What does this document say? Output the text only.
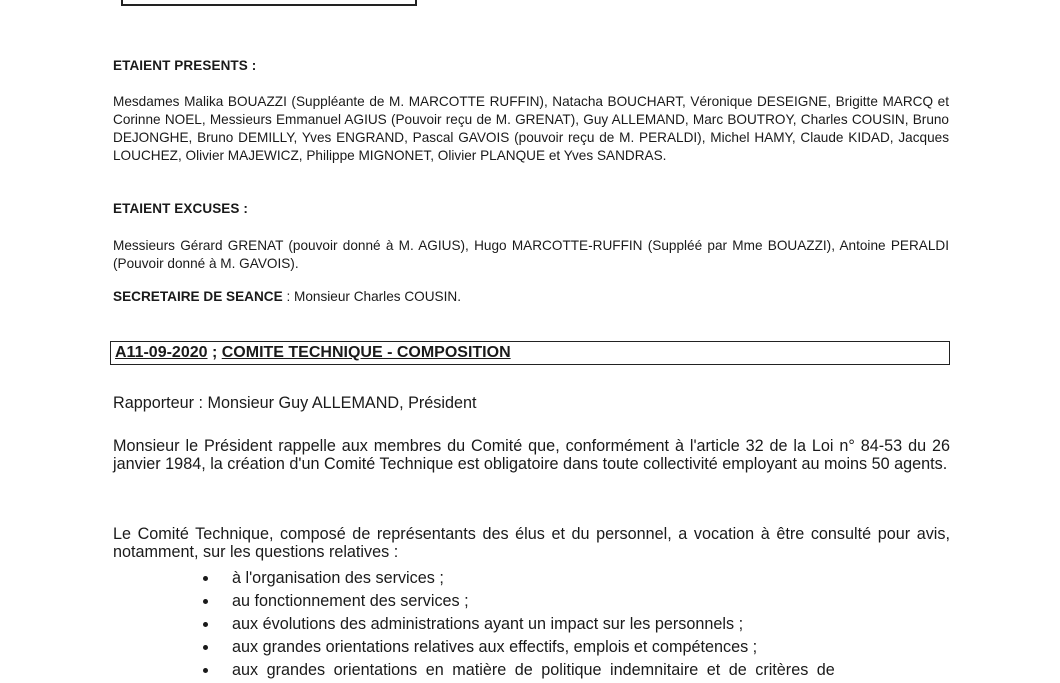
ETAIENT PRESENTS :
Mesdames Malika BOUAZZI (Suppléante de M. MARCOTTE RUFFIN), Natacha BOUCHART, Véronique DESEIGNE, Brigitte MARCQ et Corinne NOEL, Messieurs Emmanuel AGIUS (Pouvoir reçu de M. GRENAT), Guy ALLEMAND, Marc BOUTROY, Charles COUSIN, Bruno DEJONGHE, Bruno DEMILLY, Yves ENGRAND, Pascal GAVOIS (pouvoir reçu de M. PERALDI), Michel HAMY, Claude KIDAD, Jacques LOUCHEZ, Olivier MAJEWICZ, Philippe MIGNONET, Olivier PLANQUE et Yves SANDRAS.
ETAIENT EXCUSES :
Messieurs Gérard GRENAT (pouvoir donné à M. AGIUS), Hugo MARCOTTE-RUFFIN (Suppléé par Mme BOUAZZI), Antoine PERALDI (Pouvoir donné à M. GAVOIS).
SECRETAIRE DE SEANCE : Monsieur Charles COUSIN.
A11-09-2020 ; COMITE TECHNIQUE - COMPOSITION
Rapporteur : Monsieur Guy ALLEMAND, Président
Monsieur le Président rappelle aux membres du Comité que, conformément à l'article 32 de la Loi n° 84-53 du 26 janvier 1984, la création d'un Comité Technique est obligatoire dans toute collectivité employant au moins 50 agents.
Le Comité Technique, composé de représentants des élus et du personnel, a vocation à être consulté pour avis, notamment, sur les questions relatives :
à l'organisation des services ;
au fonctionnement des services ;
aux évolutions des administrations ayant un impact sur les personnels ;
aux grandes orientations relatives aux effectifs, emplois et compétences ;
aux grandes orientations en matière de politique indemnitaire et de critères de
